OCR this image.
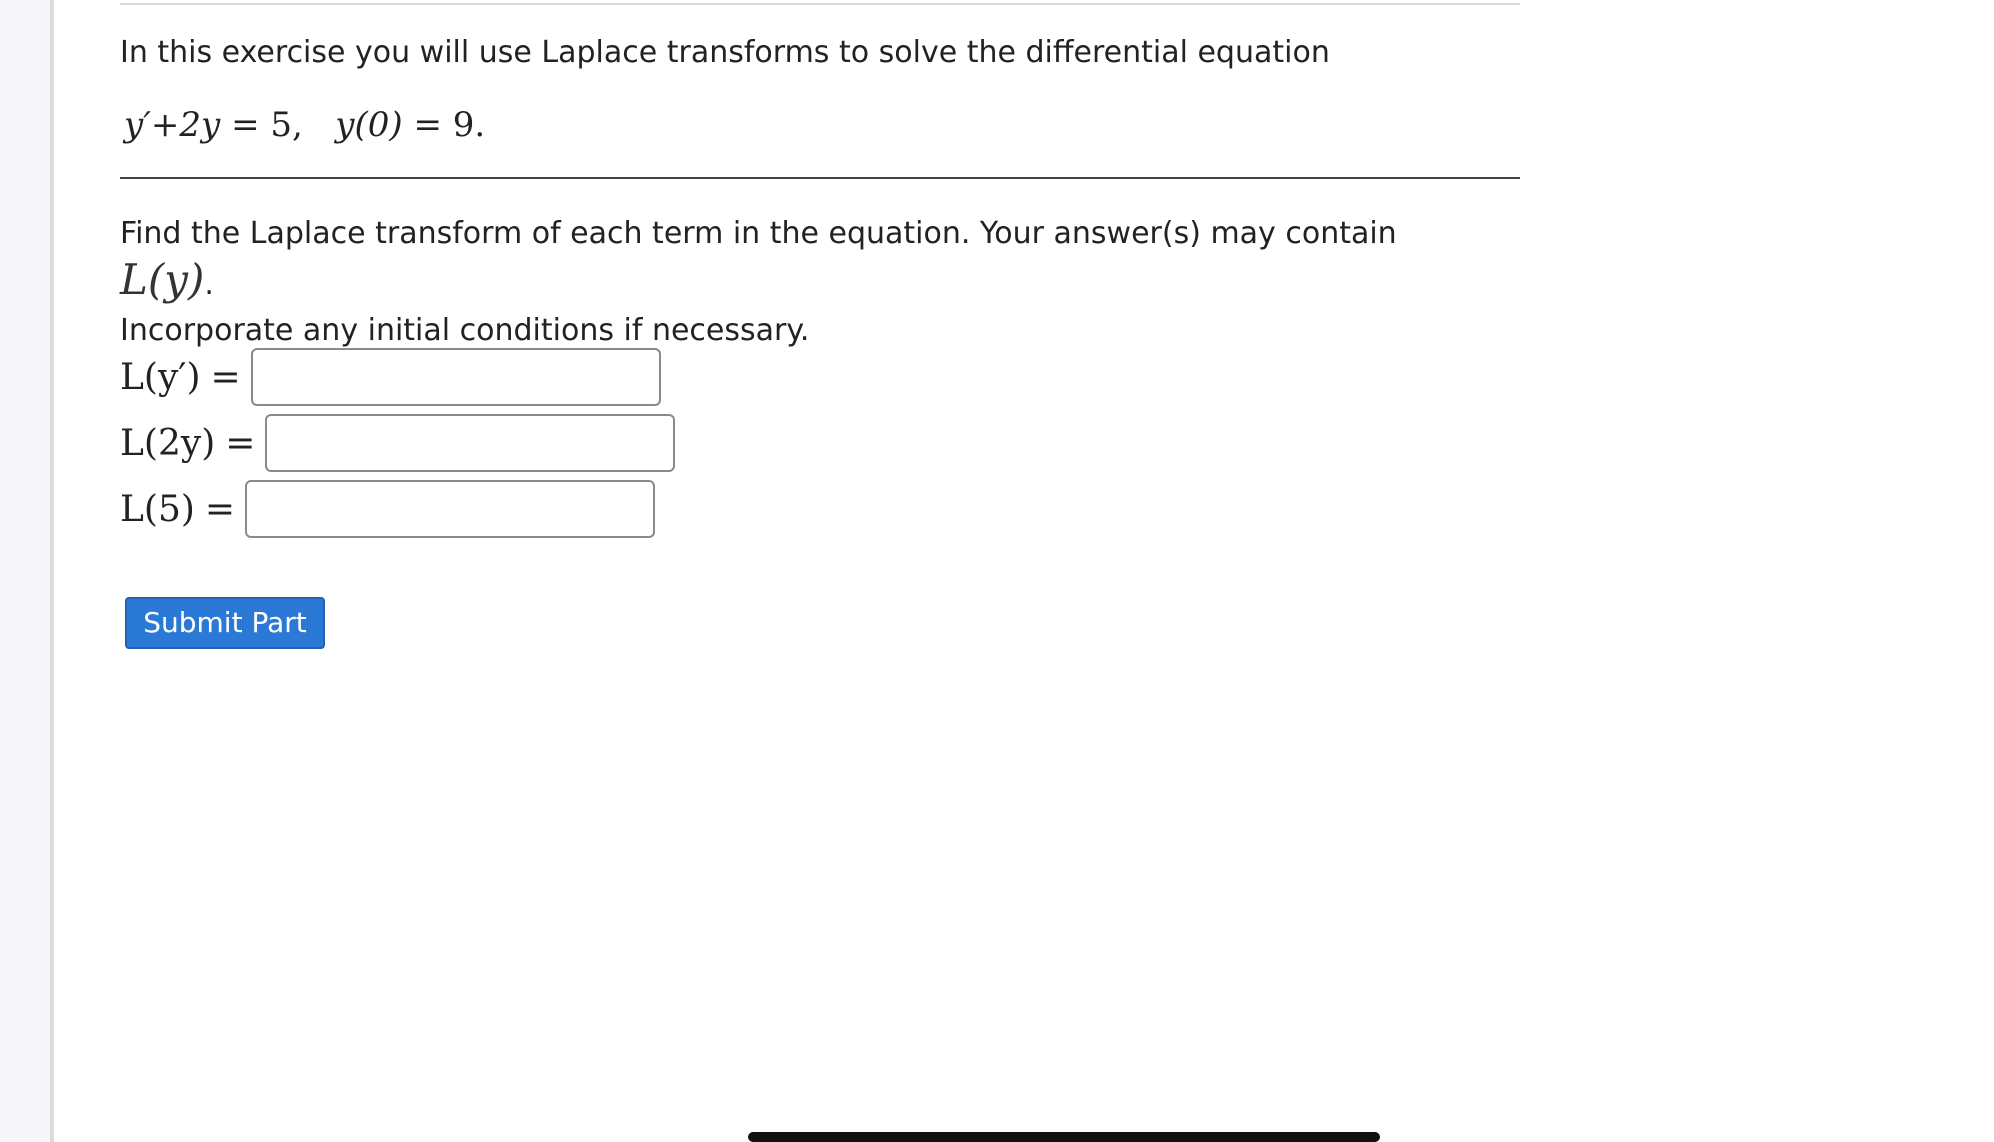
In this exercise you will use Laplace transforms to solve the differential equation
y′+2y = 5, y(0) = 9.
Find the Laplace transform of each term in the equation. Your answer(s) may contain L(y).
Incorporate any initial conditions if necessary.
L(y′) =
L(2y) =
L(5) =
Submit Part
